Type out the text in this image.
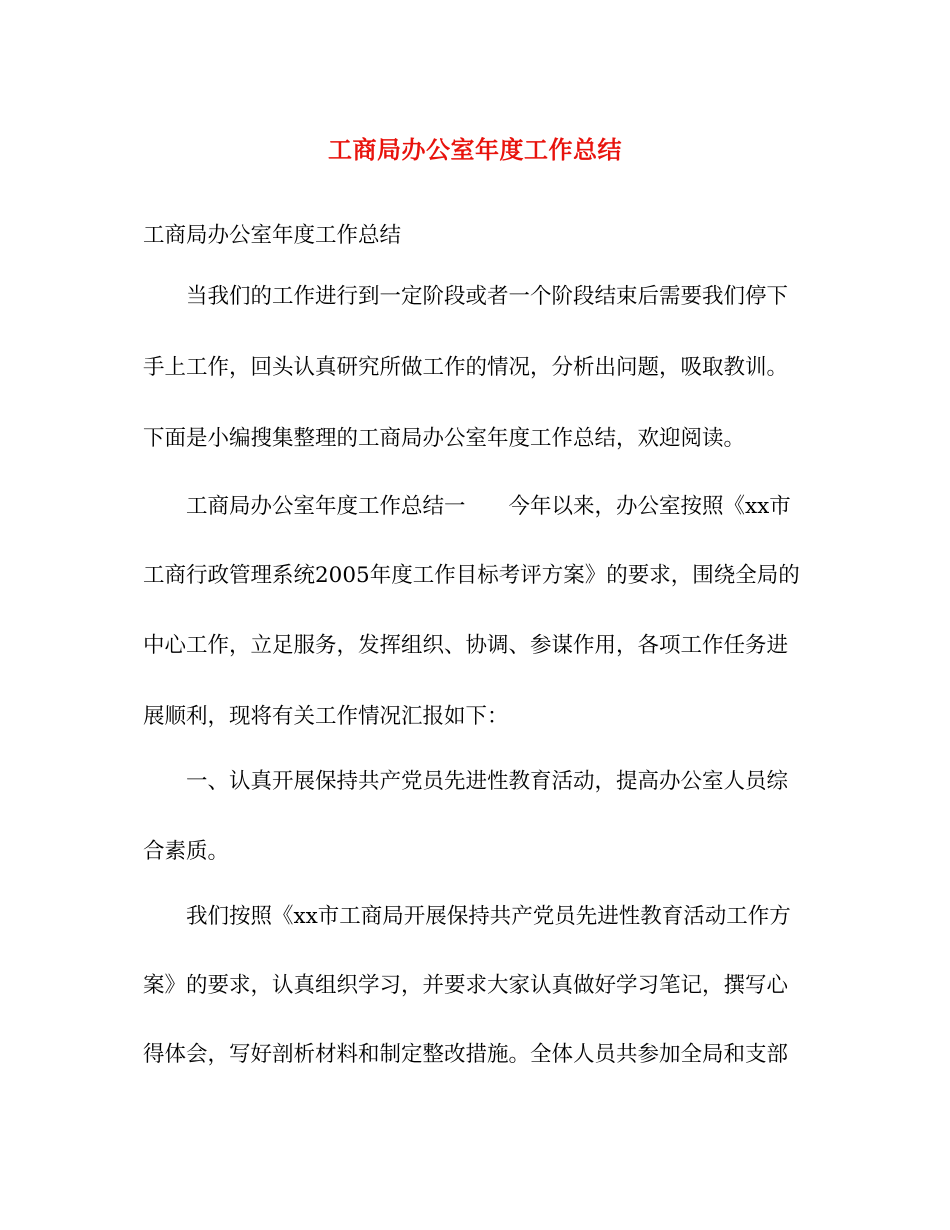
工商局办公室年度工作总结
工商局办公室年度工作总结
当我们的工作进行到一定阶段或者一个阶段结束后需要我们停下
手上工作，回头认真研究所做工作的情况，分析出问题，吸取教训。
下面是小编搜集整理的工商局办公室年度工作总结，欢迎阅读。
工商局办公室年度工作总结一　　今年以来，办公室按照《xx市
工商行政管理系统2005年度工作目标考评方案》的要求，围绕全局的
中心工作，立足服务，发挥组织、协调、参谋作用，各项工作任务进
展顺利，现将有关工作情况汇报如下：
一、认真开展保持共产党员先进性教育活动，提高办公室人员综
合素质。
我们按照《xx市工商局开展保持共产党员先进性教育活动工作方
案》的要求，认真组织学习，并要求大家认真做好学习笔记，撰写心
得体会，写好剖析材料和制定整改措施。全体人员共参加全局和支部
